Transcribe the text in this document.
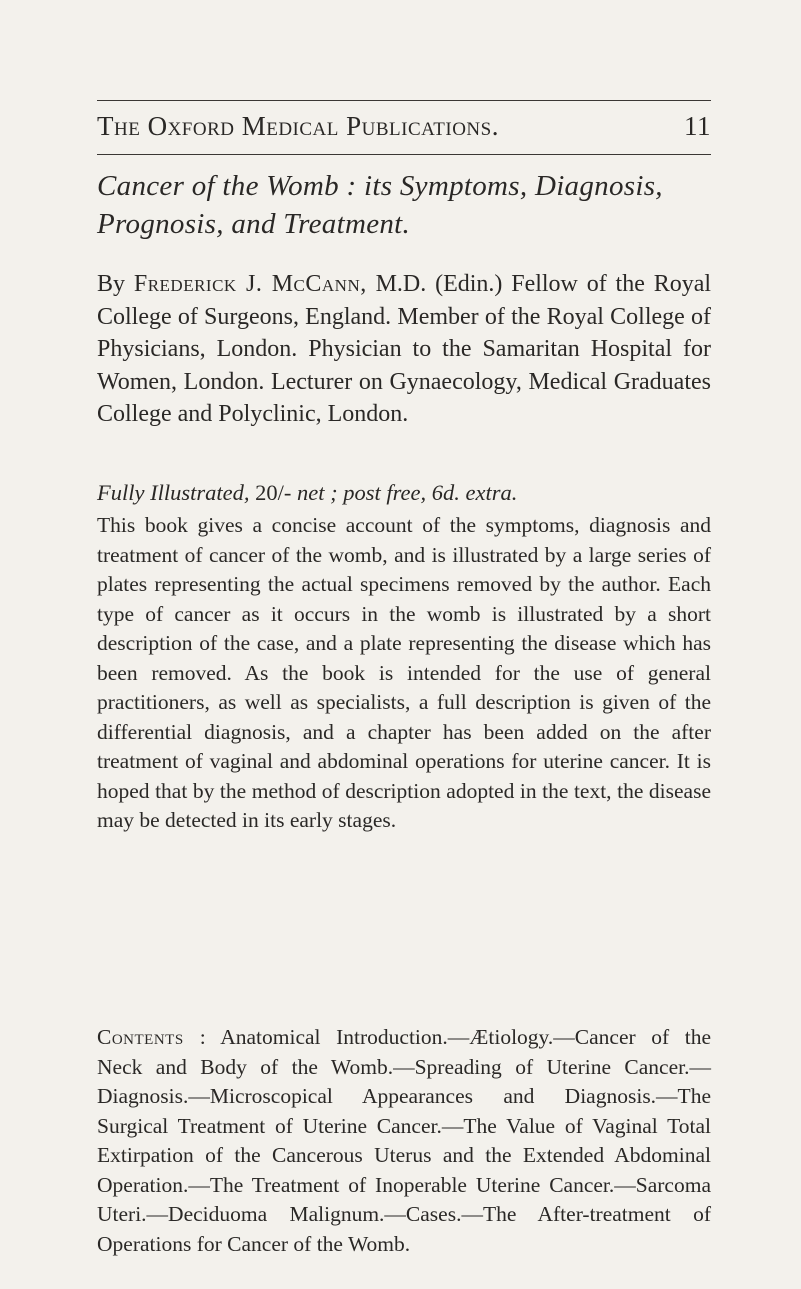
The Oxford Medical Publications.	11

Cancer of the Womb : its Symptoms, Diagnosis, Prognosis, and Treatment.

By Frederick J. McCann, M.D. (Edin.) Fellow of the Royal College of Surgeons, England. Member of the Royal College of Physicians, London. Physician to the Samaritan Hospital for Women, London. Lecturer on Gynaecology, Medical Graduates College and Polyclinic, London.

Fully Illustrated, 20/- net ; post free, 6d. extra.

This book gives a concise account of the symptoms, diagnosis and treatment of cancer of the womb, and is illustrated by a large series of plates representing the actual specimens removed by the author. Each type of cancer as it occurs in the womb is illustrated by a short description of the case, and a plate representing the disease which has been removed. As the book is intended for the use of general practitioners, as well as specialists, a full description is given of the differential diagnosis, and a chapter has been added on the after treatment of vaginal and abdominal operations for uterine cancer. It is hoped that by the method of description adopted in the text, the disease may be detected in its early stages.

Contents : Anatomical Introduction.—Ætiology.—Cancer of the Neck and Body of the Womb.—Spreading of Uterine Cancer.—Diagnosis.—Microscopical Appearances and Diagnosis.—The Surgical Treatment of Uterine Cancer.—The Value of Vaginal Total Extirpation of the Cancerous Uterus and the Extended Abdominal Operation.—The Treatment of Inoperable Uterine Cancer.—Sarcoma Uteri.—Deciduoma Malignum.—Cases.—The After-treatment of Operations for Cancer of the Womb.
